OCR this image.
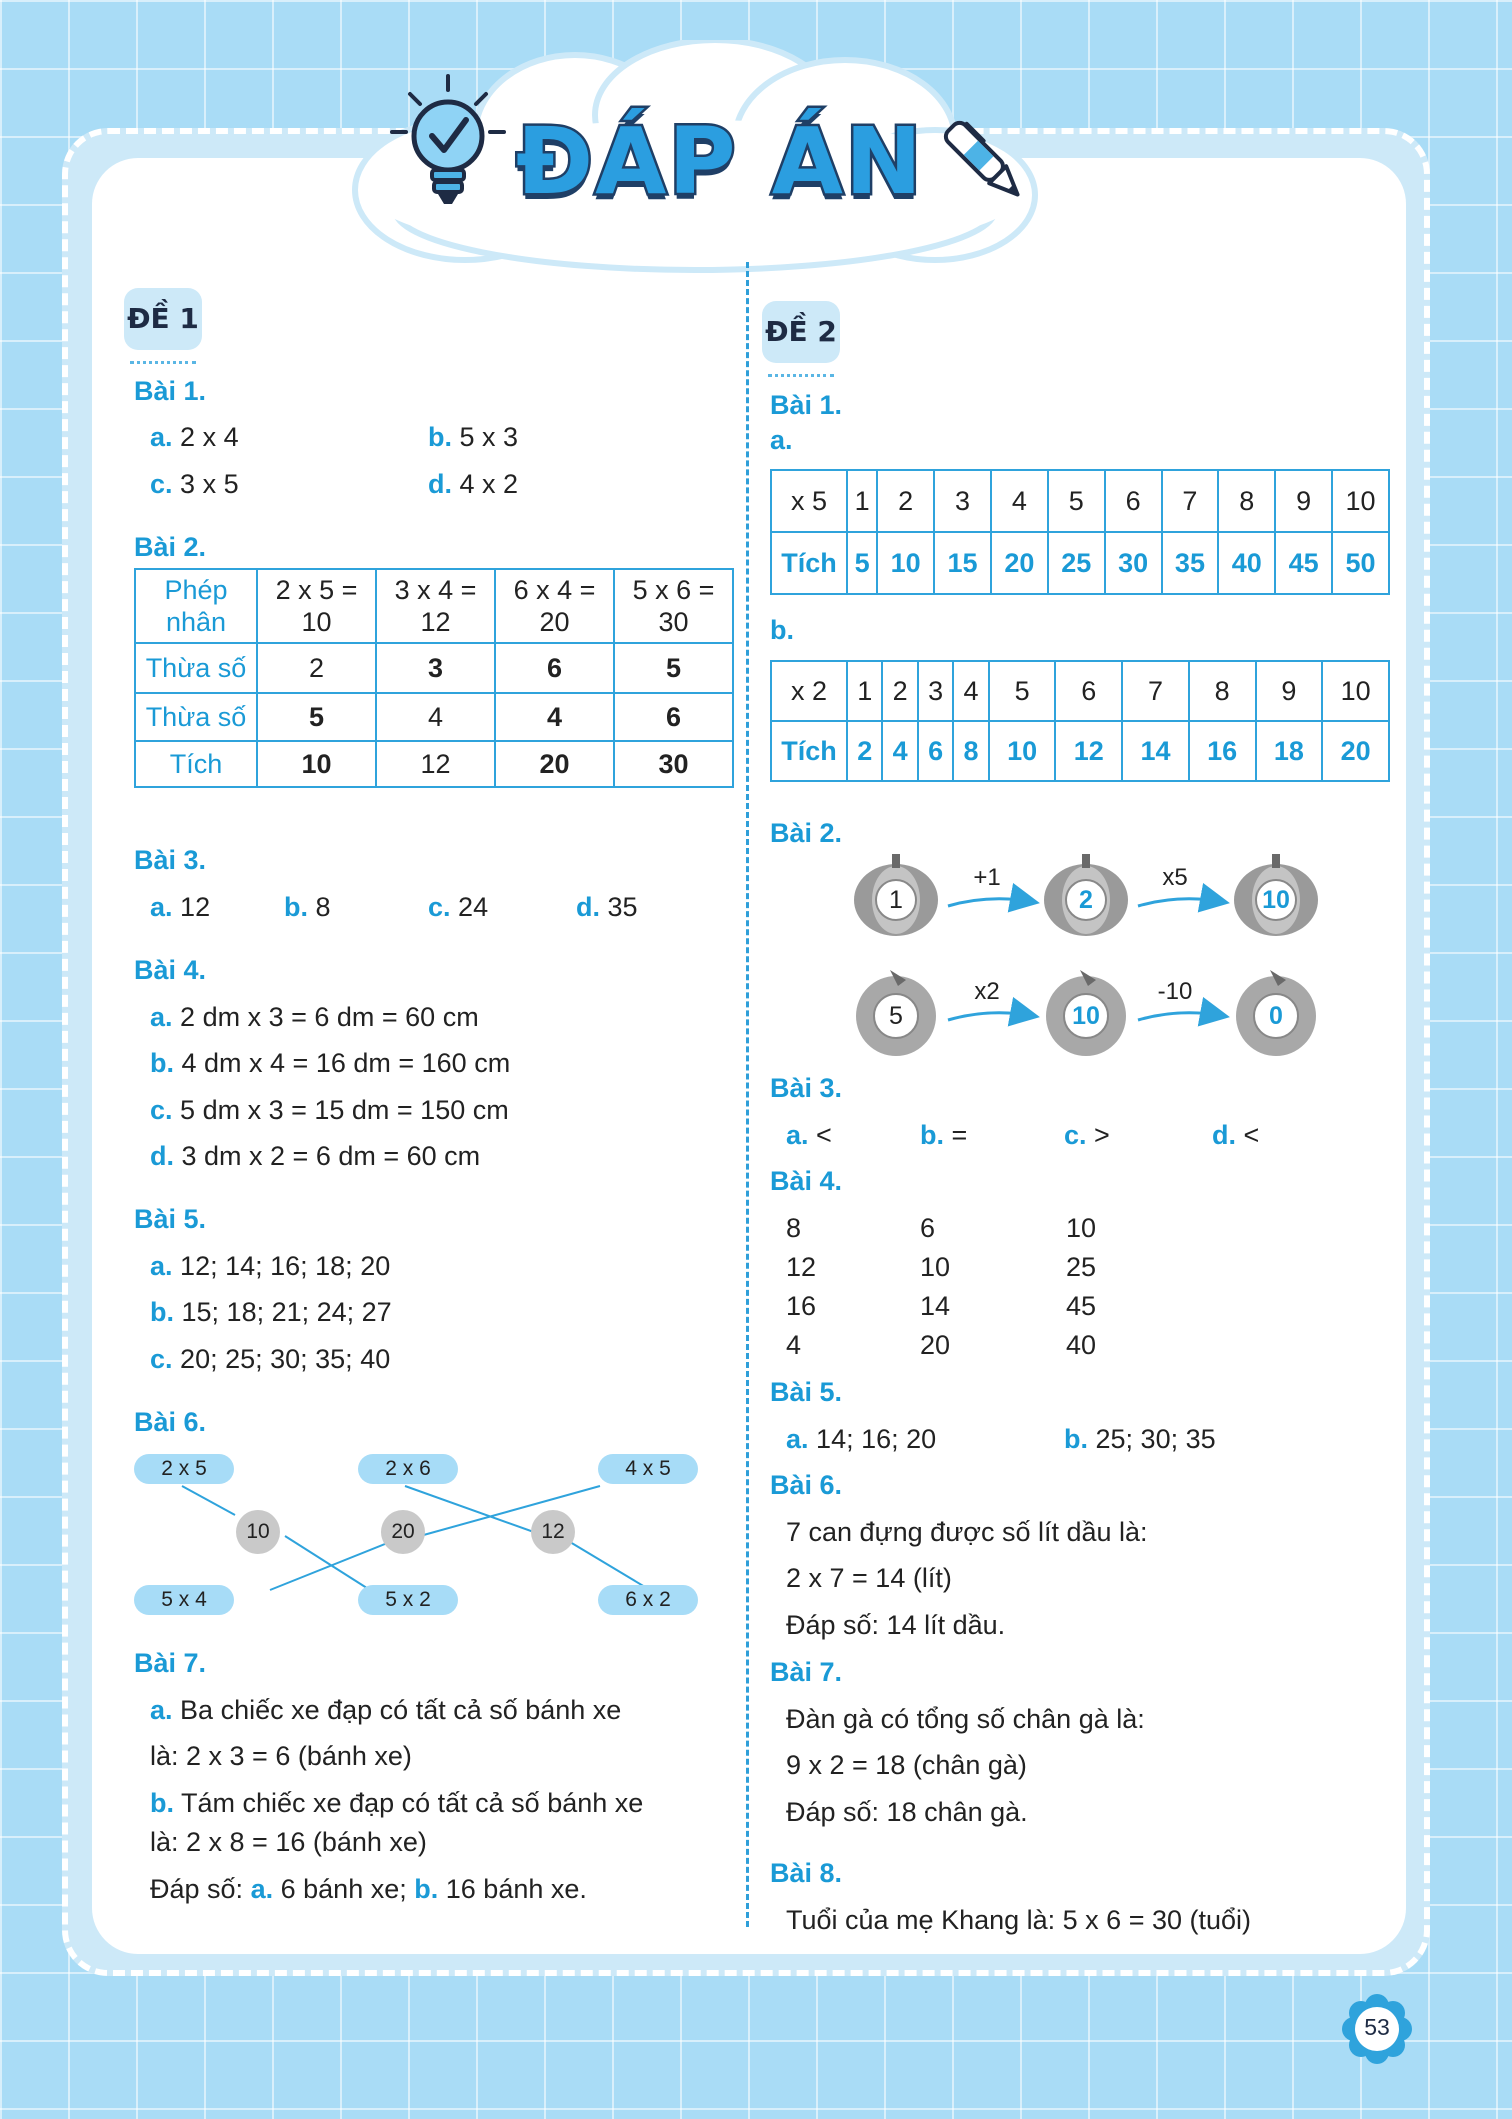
ĐÁP ÁN
ĐỀ 1
Bài 1.
a. 2 x 4	b. 5 x 3
c. 3 x 5	d. 4 x 2
Bài 2.
Phép nhân	2 x 5 = 10	3 x 4 = 12	6 x 4 = 20	5 x 6 = 30
Thừa số	2	3	6	5
Thừa số	5	4	4	6
Tích	10	12	20	30
Bài 3.
a. 12	b. 8	c. 24	d. 35
Bài 4.
a. 2 dm x 3 = 6 dm = 60 cm
b. 4 dm x 4 = 16 dm = 160 cm
c. 5 dm x 3 = 15 dm = 150 cm
d. 3 dm x 2 = 6 dm = 60 cm
Bài 5.
a. 12; 14; 16; 18; 20
b. 15; 18; 21; 24; 27
c. 20; 25; 30; 35; 40
Bài 6.
2 x 5	2 x 6	4 x 5
10	20	12
5 x 4	5 x 2	6 x 2
Bài 7.
a. Ba chiếc xe đạp có tất cả số bánh xe
là: 2 x 3 = 6 (bánh xe)
b. Tám chiếc xe đạp có tất cả số bánh xe
là: 2 x 8 = 16 (bánh xe)
Đáp số: a. 6 bánh xe; b. 16 bánh xe.
ĐỀ 2
Bài 1.
a.
x 5	1	2	3	4	5	6	7	8	9	10
Tích	5	10	15	20	25	30	35	40	45	50
b.
x 2	1	2	3	4	5	6	7	8	9	10
Tích	2	4	6	8	10	12	14	16	18	20
Bài 2.
1	2	10
+1	x5
5	10	0
x2	-10
Bài 3.
a. <	b. =	c. >	d. <
Bài 4.
8	6	10
12	10	25
16	14	45
4	20	40
Bài 5.
a. 14; 16; 20	b. 25; 30; 35
Bài 6.
7 can đựng được số lít dầu là:
2 x 7 = 14 (lít)
Đáp số: 14 lít dầu.
Bài 7.
Đàn gà có tổng số chân gà là:
9 x 2 = 18 (chân gà)
Đáp số: 18 chân gà.
Bài 8.
Tuổi của mẹ Khang là: 5 x 6 = 30 (tuổi)
53
